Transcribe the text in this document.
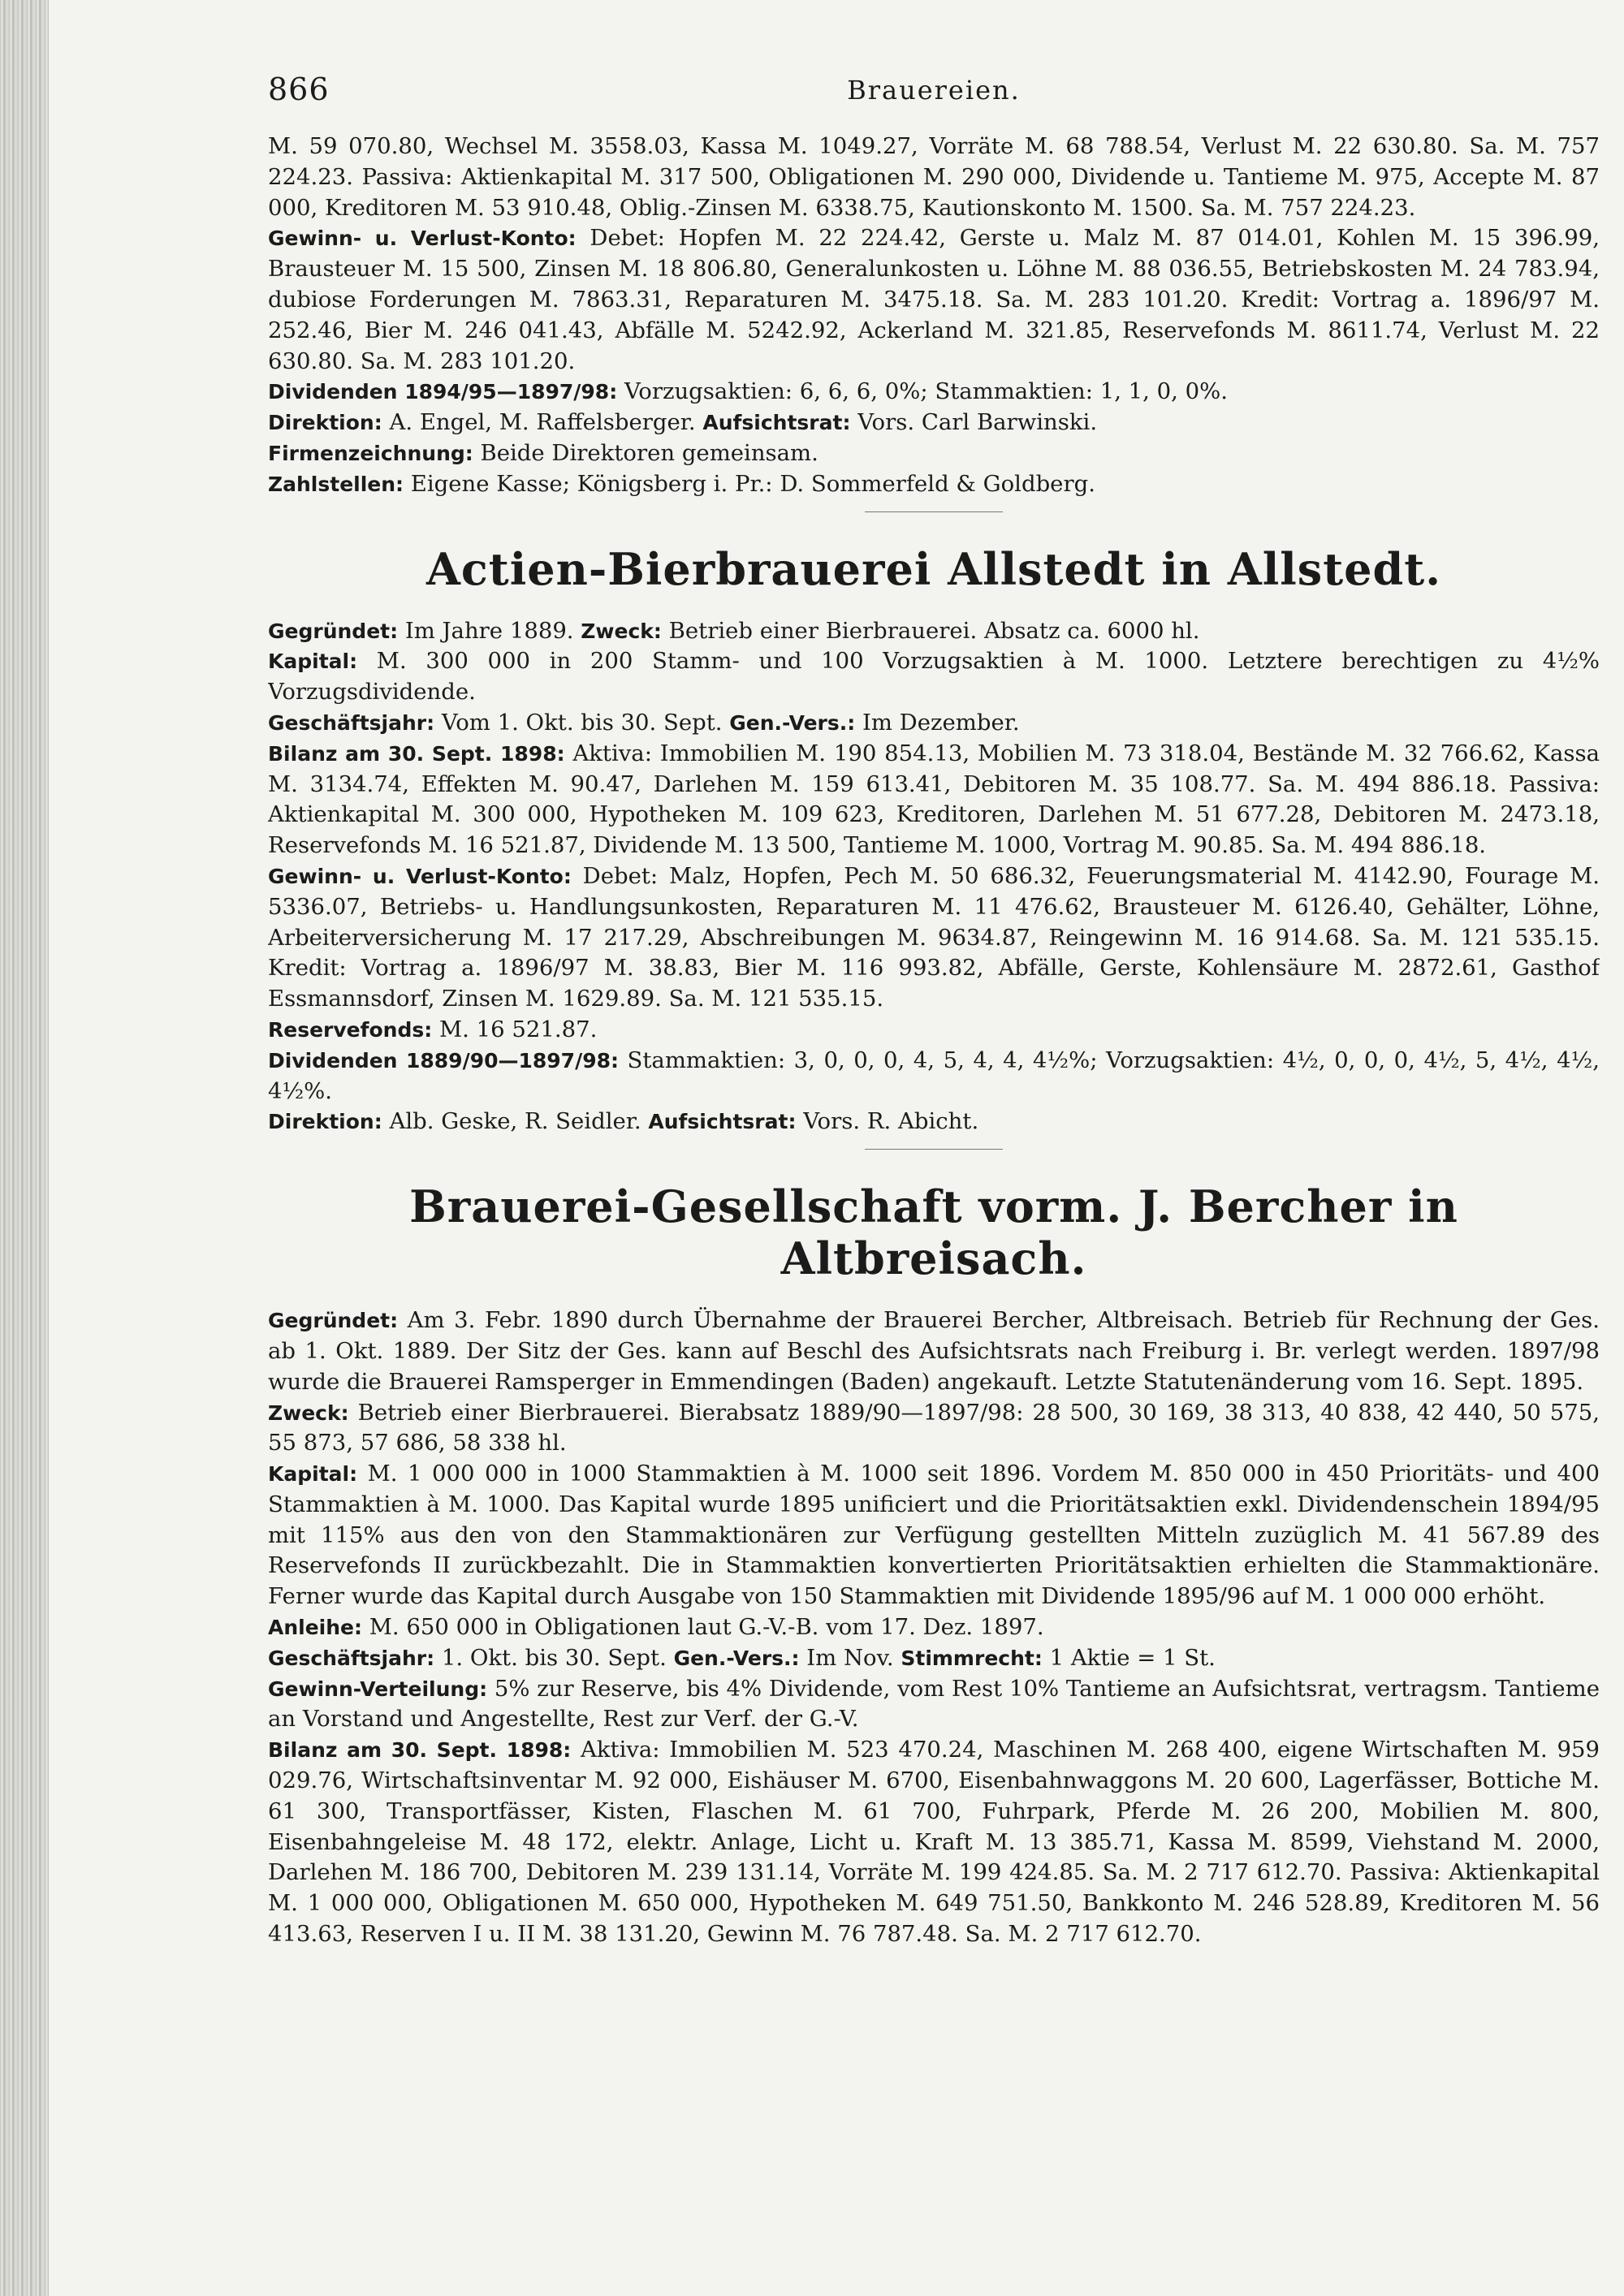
866	Brauereien.

M. 59 070.80, Wechsel M. 3558.03, Kassa M. 1049.27, Vorräte M. 68 788.54, Verlust M. 22 630.80. Sa. M. 757 224.23. Passiva: Aktienkapital M. 317 500, Obligationen M. 290 000, Dividende u. Tantieme M. 975, Accepte M. 87 000, Kreditoren M. 53 910.48, Oblig.-Zinsen M. 6338.75, Kautionskonto M. 1500. Sa. M. 757 224.23.

Gewinn- u. Verlust-Konto: Debet: Hopfen M. 22 224.42, Gerste u. Malz M. 87 014.01, Kohlen M. 15 396.99, Brausteuer M. 15 500, Zinsen M. 18 806.80, Generalunkosten u. Löhne M. 88 036.55, Betriebskosten M. 24 783.94, dubiose Forderungen M. 7863.31, Reparaturen M. 3475.18. Sa. M. 283 101.20. Kredit: Vortrag a. 1896/97 M. 252.46, Bier M. 246 041.43, Abfälle M. 5242.92, Ackerland M. 321.85, Reservefonds M. 8611.74, Verlust M. 22 630.80. Sa. M. 283 101.20.

Dividenden 1894/95—1897/98: Vorzugsaktien: 6, 6, 6, 0%; Stammaktien: 1, 1, 0, 0%.

Direktion: A. Engel, M. Raffelsberger. Aufsichtsrat: Vors. Carl Barwinski.

Firmenzeichnung: Beide Direktoren gemeinsam.

Zahlstellen: Eigene Kasse; Königsberg i. Pr.: D. Sommerfeld & Goldberg.

Actien-Bierbrauerei Allstedt in Allstedt.

Gegründet: Im Jahre 1889. Zweck: Betrieb einer Bierbrauerei. Absatz ca. 6000 hl.

Kapital: M. 300 000 in 200 Stamm- und 100 Vorzugsaktien à M. 1000. Letztere berechtigen zu 4½% Vorzugsdividende.

Geschäftsjahr: Vom 1. Okt. bis 30. Sept. Gen.-Vers.: Im Dezember.

Bilanz am 30. Sept. 1898: Aktiva: Immobilien M. 190 854.13, Mobilien M. 73 318.04, Bestände M. 32 766.62, Kassa M. 3134.74, Effekten M. 90.47, Darlehen M. 159 613.41, Debitoren M. 35 108.77. Sa. M. 494 886.18. Passiva: Aktienkapital M. 300 000, Hypotheken M. 109 623, Kreditoren, Darlehen M. 51 677.28, Debitoren M. 2473.18, Reservefonds M. 16 521.87, Dividende M. 13 500, Tantieme M. 1000, Vortrag M. 90.85. Sa. M. 494 886.18.

Gewinn- u. Verlust-Konto: Debet: Malz, Hopfen, Pech M. 50 686.32, Feuerungsmaterial M. 4142.90, Fourage M. 5336.07, Betriebs- u. Handlungsunkosten, Reparaturen M. 11 476.62, Brausteuer M. 6126.40, Gehälter, Löhne, Arbeiterversicherung M. 17 217.29, Abschreibungen M. 9634.87, Reingewinn M. 16 914.68. Sa. M. 121 535.15. Kredit: Vortrag a. 1896/97 M. 38.83, Bier M. 116 993.82, Abfälle, Gerste, Kohlensäure M. 2872.61, Gasthof Essmannsdorf, Zinsen M. 1629.89. Sa. M. 121 535.15.

Reservefonds: M. 16 521.87.

Dividenden 1889/90—1897/98: Stammaktien: 3, 0, 0, 0, 4, 5, 4, 4, 4½%; Vorzugsaktien: 4½, 0, 0, 0, 4½, 5, 4½, 4½, 4½%.

Direktion: Alb. Geske, R. Seidler. Aufsichtsrat: Vors. R. Abicht.

Brauerei-Gesellschaft vorm. J. Bercher in Altbreisach.

Gegründet: Am 3. Febr. 1890 durch Übernahme der Brauerei Bercher, Altbreisach. Betrieb für Rechnung der Ges. ab 1. Okt. 1889. Der Sitz der Ges. kann auf Beschl des Aufsichtsrats nach Freiburg i. Br. verlegt werden. 1897/98 wurde die Brauerei Ramsperger in Emmendingen (Baden) angekauft. Letzte Statutenänderung vom 16. Sept. 1895.

Zweck: Betrieb einer Bierbrauerei. Bierabsatz 1889/90—1897/98: 28 500, 30 169, 38 313, 40 838, 42 440, 50 575, 55 873, 57 686, 58 338 hl.

Kapital: M. 1 000 000 in 1000 Stammaktien à M. 1000 seit 1896. Vordem M. 850 000 in 450 Prioritäts- und 400 Stammaktien à M. 1000. Das Kapital wurde 1895 unificiert und die Prioritätsaktien exkl. Dividendenschein 1894/95 mit 115% aus den von den Stammaktionären zur Verfügung gestellten Mitteln zuzüglich M. 41 567.89 des Reservefonds II zurückbezahlt. Die in Stammaktien konvertierten Prioritätsaktien erhielten die Stammaktionäre. Ferner wurde das Kapital durch Ausgabe von 150 Stammaktien mit Dividende 1895/96 auf M. 1 000 000 erhöht.

Anleihe: M. 650 000 in Obligationen laut G.-V.-B. vom 17. Dez. 1897.

Geschäftsjahr: 1. Okt. bis 30. Sept. Gen.-Vers.: Im Nov. Stimmrecht: 1 Aktie = 1 St.

Gewinn-Verteilung: 5% zur Reserve, bis 4% Dividende, vom Rest 10% Tantieme an Aufsichtsrat, vertragsm. Tantieme an Vorstand und Angestellte, Rest zur Verf. der G.-V.

Bilanz am 30. Sept. 1898: Aktiva: Immobilien M. 523 470.24, Maschinen M. 268 400, eigene Wirtschaften M. 959 029.76, Wirtschaftsinventar M. 92 000, Eishäuser M. 6700, Eisenbahnwaggons M. 20 600, Lagerfässer, Bottiche M. 61 300, Transportfässer, Kisten, Flaschen M. 61 700, Fuhrpark, Pferde M. 26 200, Mobilien M. 800, Eisenbahngeleise M. 48 172, elektr. Anlage, Licht u. Kraft M. 13 385.71, Kassa M. 8599, Viehstand M. 2000, Darlehen M. 186 700, Debitoren M. 239 131.14, Vorräte M. 199 424.85. Sa. M. 2 717 612.70. Passiva: Aktienkapital M. 1 000 000, Obligationen M. 650 000, Hypotheken M. 649 751.50, Bankkonto M. 246 528.89, Kreditoren M. 56 413.63, Reserven I u. II M. 38 131.20, Gewinn M. 76 787.48. Sa. M. 2 717 612.70.
